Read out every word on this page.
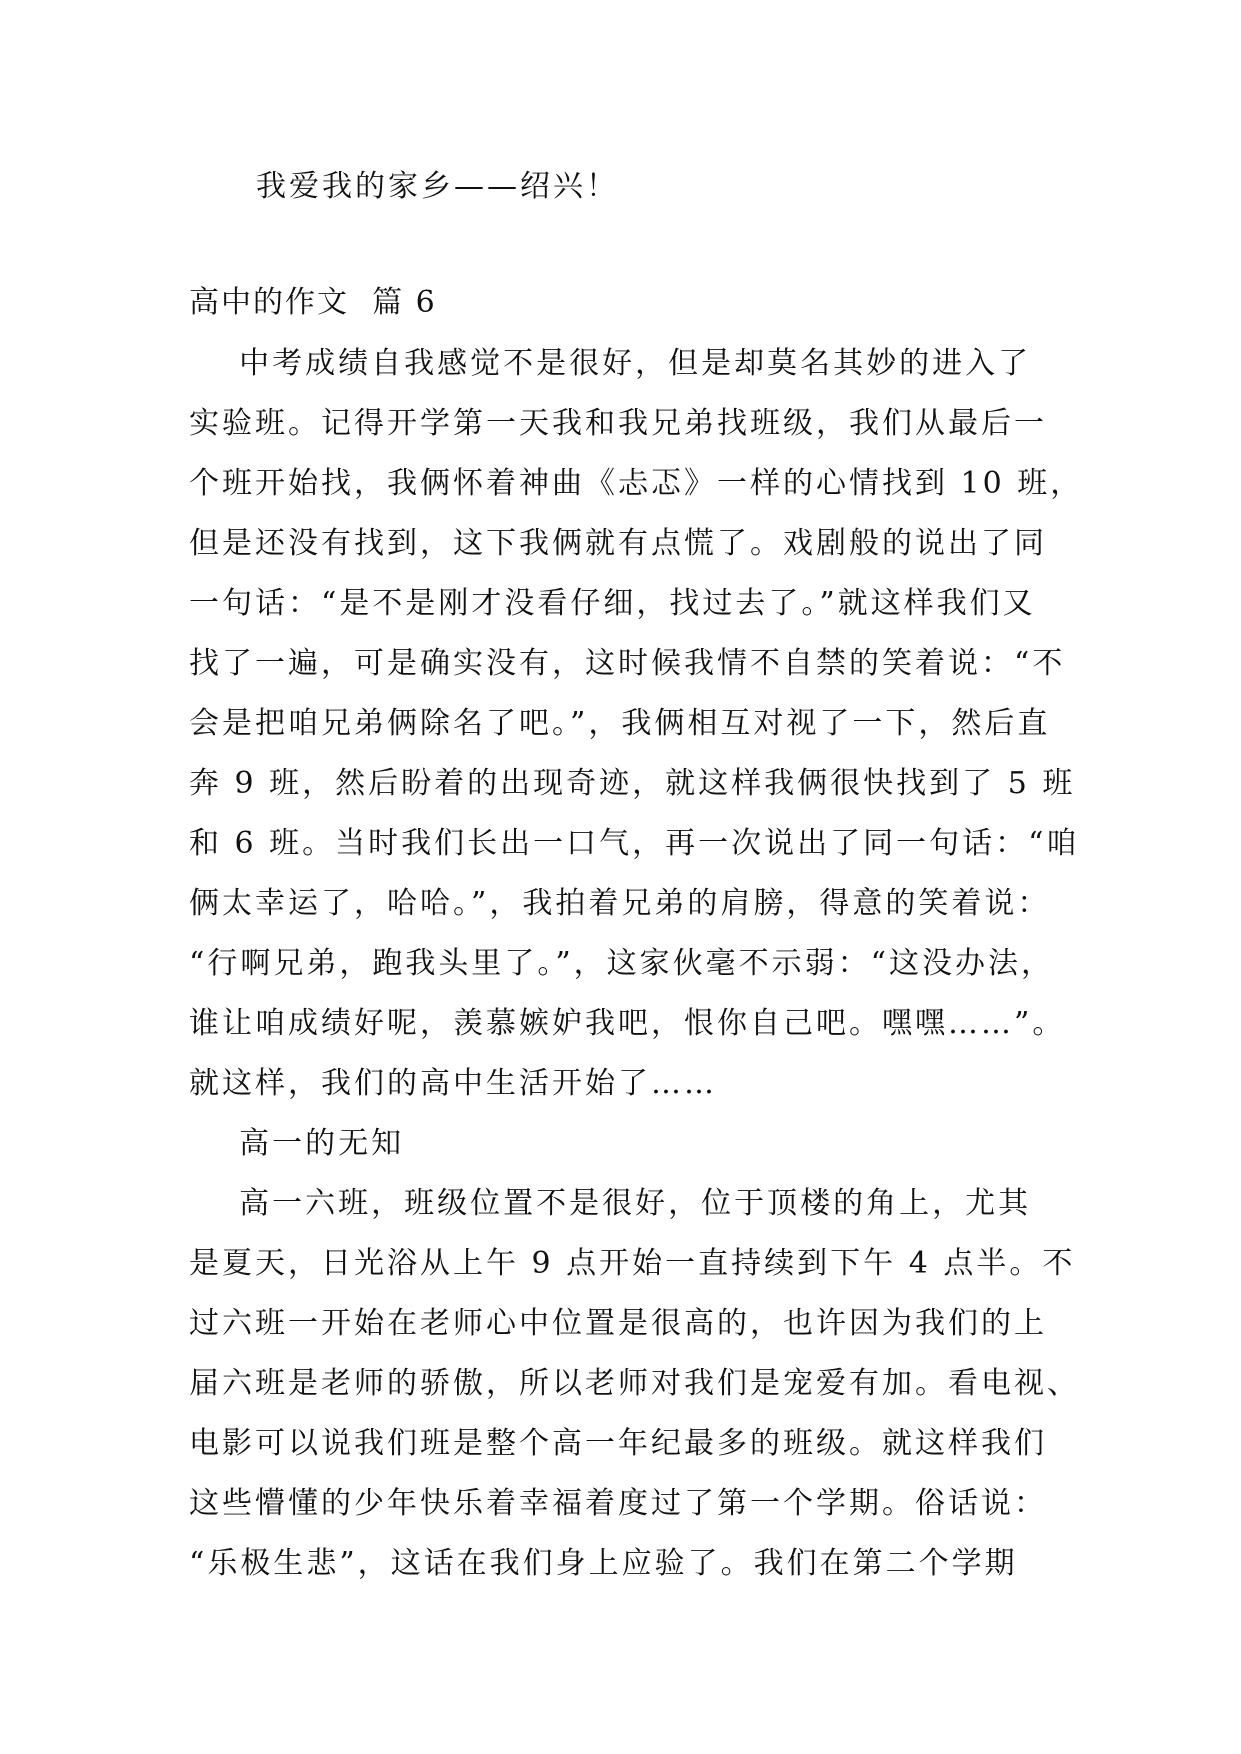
我爱我的家乡——绍兴！
高中的作文  篇 6
中考成绩自我感觉不是很好，但是却莫名其妙的进入了
实验班。记得开学第一天我和我兄弟找班级，我们从最后一
个班开始找，我俩怀着神曲《忐忑》一样的心情找到 10 班，
但是还没有找到，这下我俩就有点慌了。戏剧般的说出了同
一句话：“是不是刚才没看仔细，找过去了。”就这样我们又
找了一遍，可是确实没有，这时候我情不自禁的笑着说：“不
会是把咱兄弟俩除名了吧。”，我俩相互对视了一下，然后直
奔 9 班，然后盼着的出现奇迹，就这样我俩很快找到了 5 班
和 6 班。当时我们长出一口气，再一次说出了同一句话：“咱
俩太幸运了，哈哈。”，我拍着兄弟的肩膀，得意的笑着说：
“行啊兄弟，跑我头里了。”，这家伙毫不示弱：“这没办法，
谁让咱成绩好呢，羡慕嫉妒我吧，恨你自己吧。嘿嘿……”。
就这样，我们的高中生活开始了……
高一的无知
高一六班，班级位置不是很好，位于顶楼的角上，尤其
是夏天，日光浴从上午 9 点开始一直持续到下午 4 点半。不
过六班一开始在老师心中位置是很高的，也许因为我们的上
届六班是老师的骄傲，所以老师对我们是宠爱有加。看电视、
电影可以说我们班是整个高一年纪最多的班级。就这样我们
这些懵懂的少年快乐着幸福着度过了第一个学期。俗话说：
“乐极生悲”，这话在我们身上应验了。我们在第二个学期
